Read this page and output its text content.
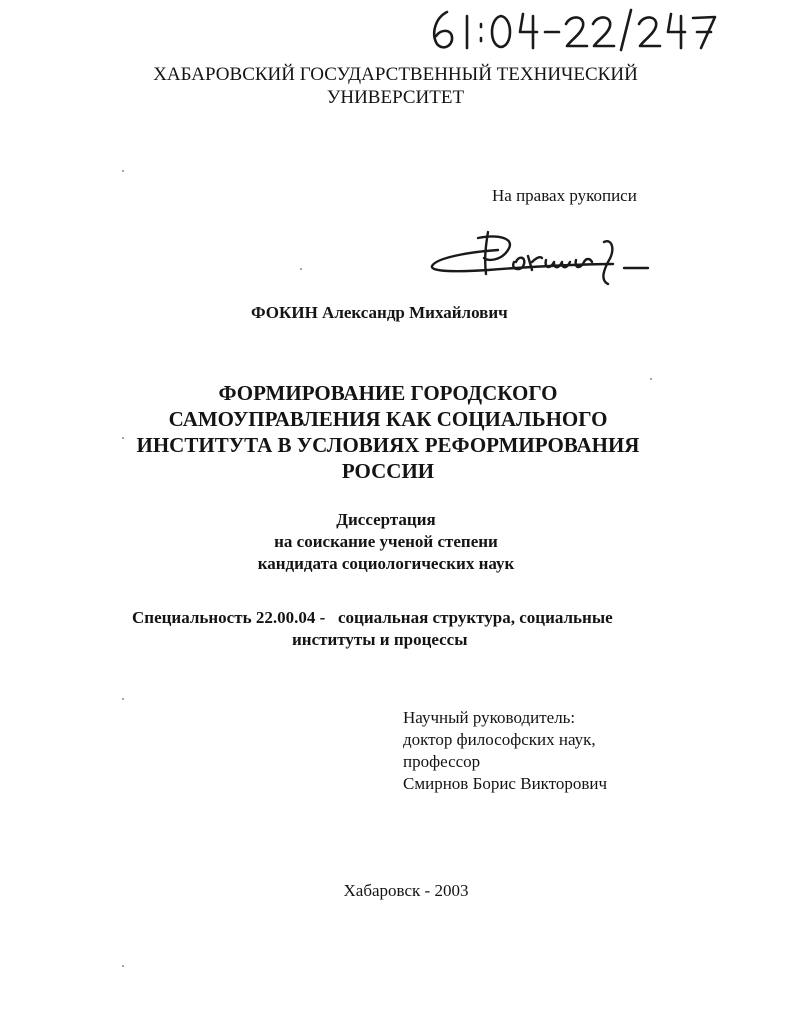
ХАБАРОВСКИЙ ГОСУДАРСТВЕННЫЙ ТЕХНИЧЕСКИЙ
УНИВЕРСИТЕТ
На правах рукописи
ФОКИН Александр Михайлович
ФОРМИРОВАНИЕ ГОРОДСКОГО
САМОУПРАВЛЕНИЯ КАК СОЦИАЛЬНОГО
ИНСТИТУТА В УСЛОВИЯХ РЕФОРМИРОВАНИЯ
РОССИИ
Диссертация
на соискание ученой степени
кандидата социологических наук
Специальность 22.00.04 -   социальная структура, социальные
институты и процессы
Научный руководитель:
доктор философских наук,
профессор
Смирнов Борис Викторович
Хабаровск - 2003
